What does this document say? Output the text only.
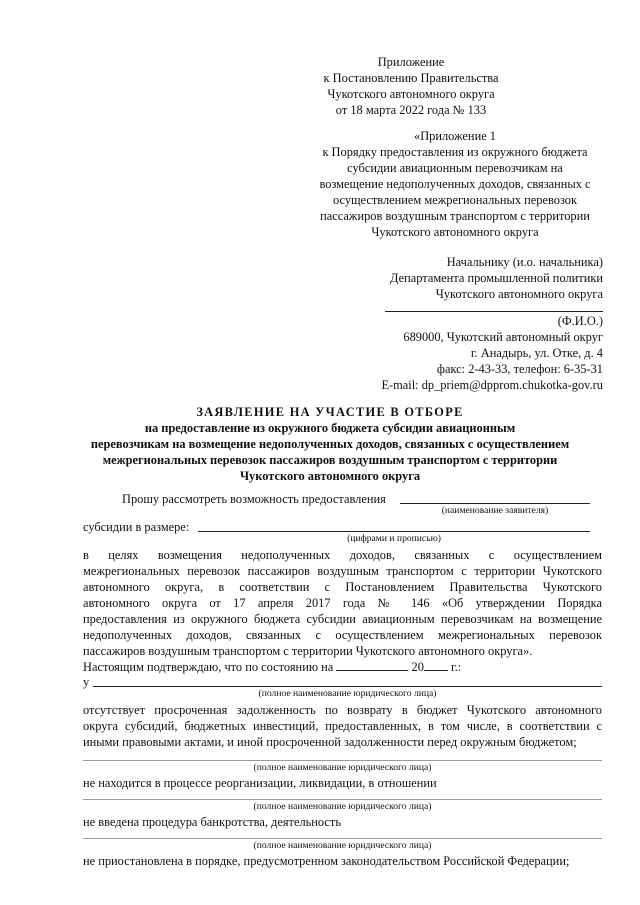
Приложение
к Постановлению Правительства
Чукотского автономного округа
от 18 марта 2022 года № 133
«Приложение 1
к Порядку предоставления из окружного бюджета
субсидии авиационным перевозчикам на
возмещение недополученных доходов, связанных с
осуществлением межрегиональных перевозок
пассажиров воздушным транспортом с территории
Чукотского автономного округа
Начальнику (и.о. начальника)
Департамента промышленной политики
Чукотского автономного округа
(Ф.И.О.)
689000, Чукотский автономный округ
г. Анадырь, ул. Отке, д. 4
факс: 2-43-33, телефон: 6-35-31
E-mail: dp_priem@dpprom.chukotka-gov.ru
ЗАЯВЛЕНИЕ НА УЧАСТИЕ В ОТБОРЕ
на предоставление из окружного бюджета субсидии авиационным
перевозчикам на возмещение недополученных доходов, связанных с осуществлением
межрегиональных перевозок пассажиров воздушным транспортом с территории
Чукотского автономного округа
Прошу рассмотреть возможность предоставления
(наименование заявителя)
субсидии в размере:
(цифрами и прописью)
в целях возмещения недополученных доходов, связанных с осуществлением
межрегиональных перевозок пассажиров воздушным транспортом с территории Чукотского
автономного округа, в соответствии с Постановлением Правительства Чукотского
автономного округа от 17 апреля 2017 года № 146 «Об утверждении Порядка
предоставления из окружного бюджета субсидии авиационным перевозчикам на возмещение
недополученных доходов, связанных с осуществлением межрегиональных перевозок
пассажиров воздушным транспортом с территории Чукотского автономного округа».
Настоящим подтверждаю, что по состоянию на	20 г.:
у
(полное наименование юридического лица)
отсутствует просроченная задолженность по возврату в бюджет Чукотского автономного
округа субсидий, бюджетных инвестиций, предоставленных, в том числе, в соответствии с
иными правовыми актами, и иной просроченной задолженности перед окружным бюджетом;
(полное наименование юридического лица)
не находится в процессе реорганизации, ликвидации, в отношении
(полное наименование юридического лица)
не введена процедура банкротства, деятельность
(полное наименование юридического лица)
не приостановлена в порядке, предусмотренном законодательством Российской Федерации;
